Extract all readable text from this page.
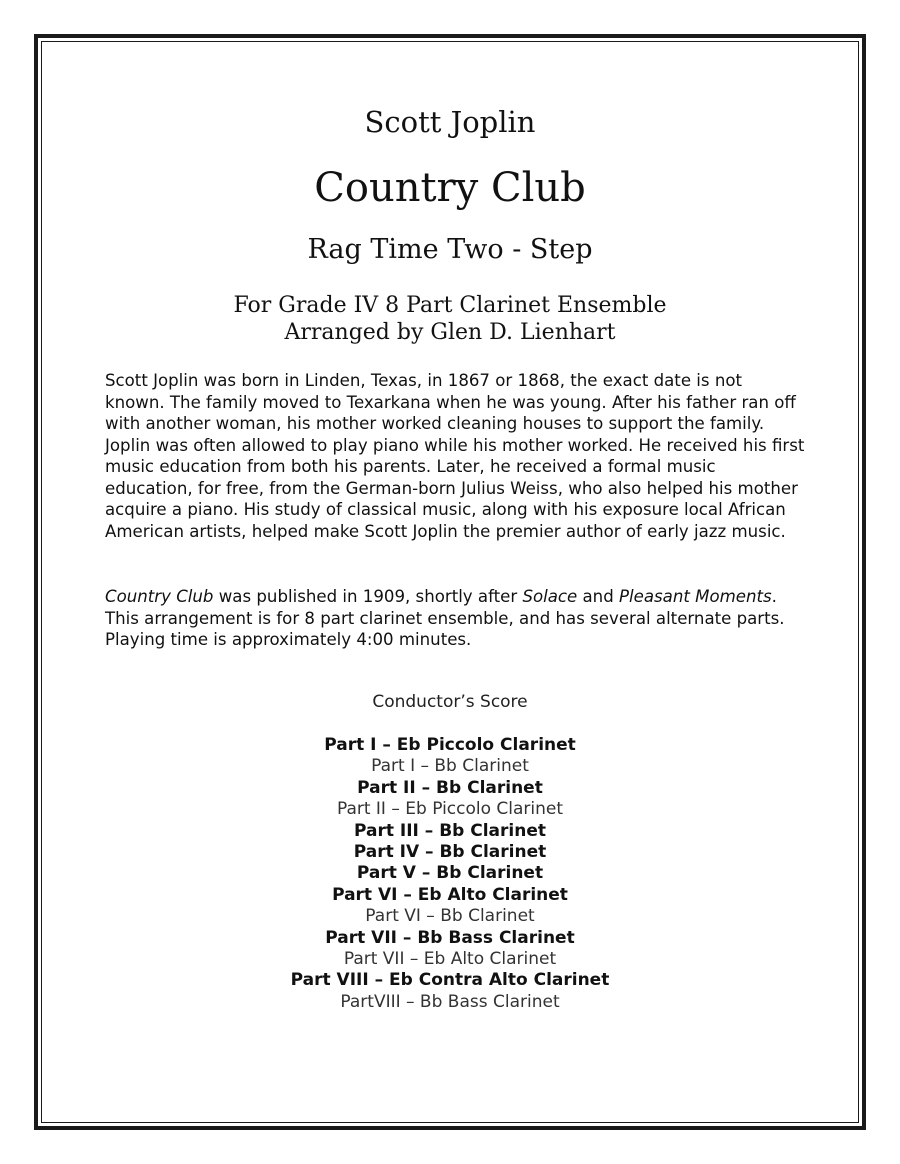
Scott Joplin
Country Club
Rag Time Two - Step
For Grade IV 8 Part Clarinet Ensemble
Arranged by Glen D. Lienhart

Scott Joplin was born in Linden, Texas, in 1867 or 1868, the exact date is not known. The family moved to Texarkana when he was young. After his father ran off with another woman, his mother worked cleaning houses to support the family. Joplin was often allowed to play piano while his mother worked. He received his first music education from both his parents. Later, he received a formal music education, for free, from the German-born Julius Weiss, who also helped his mother acquire a piano. His study of classical music, along with his exposure local African American artists, helped make Scott Joplin the premier author of early jazz music.

Country Club was published in 1909, shortly after Solace and Pleasant Moments. This arrangement is for 8 part clarinet ensemble, and has several alternate parts. Playing time is approximately 4:00 minutes.

Conductor’s Score
Part I – Eb Piccolo Clarinet
Part I – Bb Clarinet
Part II – Bb Clarinet
Part II – Eb Piccolo Clarinet
Part III – Bb Clarinet
Part IV – Bb Clarinet
Part V – Bb Clarinet
Part VI – Eb Alto Clarinet
Part VI – Bb Clarinet
Part VII – Bb Bass Clarinet
Part VII – Eb Alto Clarinet
Part VIII – Eb Contra Alto Clarinet
PartVIII – Bb Bass Clarinet
